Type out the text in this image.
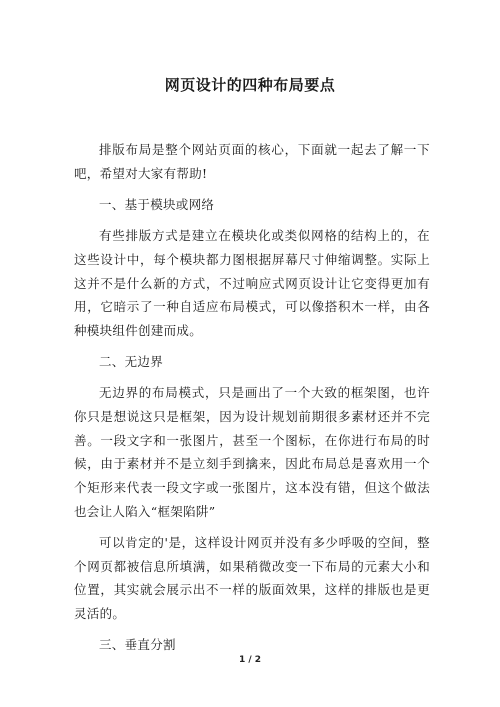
网页设计的四种布局要点

排版布局是整个网站页面的核心，下面就一起去了解一下吧，希望对大家有帮助!

一、基于模块或网络

有些排版方式是建立在模块化或类似网格的结构上的，在这些设计中，每个模块都力图根据屏幕尺寸伸缩调整。实际上这并不是什么新的方式，不过响应式网页设计让它变得更加有用，它暗示了一种自适应布局模式，可以像搭积木一样，由各种模块组件创建而成。

二、无边界

无边界的布局模式，只是画出了一个大致的框架图，也许你只是想说这只是框架，因为设计规划前期很多素材还并不完善。一段文字和一张图片，甚至一个图标，在你进行布局的时候，由于素材并不是立刻手到擒来，因此布局总是喜欢用一个个矩形来代表一段文字或一张图片，这本没有错，但这个做法也会让人陷入“框架陷阱”

可以肯定的'是，这样设计网页并没有多少呼吸的空间，整个网页都被信息所填满，如果稍微改变一下布局的元素大小和位置，其实就会展示出不一样的版面效果，这样的排版也是更灵活的。

三、垂直分割

1 / 2
